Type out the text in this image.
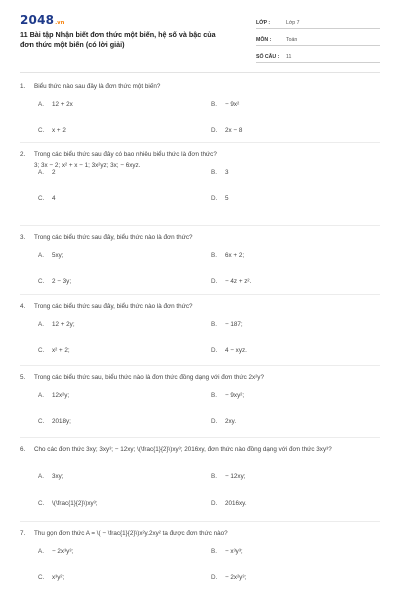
2048.vn
11 Bài tập Nhận biết đơn thức một biến, hệ số và bậc của đơn thức một biến (có lời giải)
LỚP :	Lớp 7
MÔN :	Toán
SỐ CÂU :	11
1. Biểu thức nào sau đây là đơn thức một biến?
A. 12 + 2x	B. − 9x²
C. x + 2	D. 2x − 8
2. Trong các biểu thức sau đây có bao nhiêu biểu thức là đơn thức?
3; 3x − 2; x² + x − 1; 3x²yz; 3x; − 6xyz.
A. 2	B. 3
C. 4	D. 5
3. Trong các biểu thức sau đây, biểu thức nào là đơn thức?
A. 5xy;	B. 6x + 2;
C. 2 − 3y;	D. − 4z + z².
4. Trong các biểu thức sau đây, biểu thức nào là đơn thức?
A. 12 + 2y;	B. − 187;
C. x² + 2;	D. 4 − xyz.
5. Trong các biểu thức sau, biểu thức nào là đơn thức đồng dạng với đơn thức 2x²y?
A. 12x²y;	B. − 9xy²;
C. 2018y;	D. 2xy.
6. Cho các đơn thức 3xy; 3xy³; − 12xy; \(\frac{1}{2}\)xy³; 2016xy, đơn thức nào đồng dạng với đơn thức 3xy³?
A. 3xy;	B. − 12xy;
C. \(\frac{1}{2}\)xy³;	D. 2016xy.
7. Thu gọn đơn thức A = \( − \frac{1}{2}\)x²y.2xy² ta được đơn thức nào?
A. − 2x³y³;	B. − x³y³;
C. x³y²;	D. − 2x²y³;
